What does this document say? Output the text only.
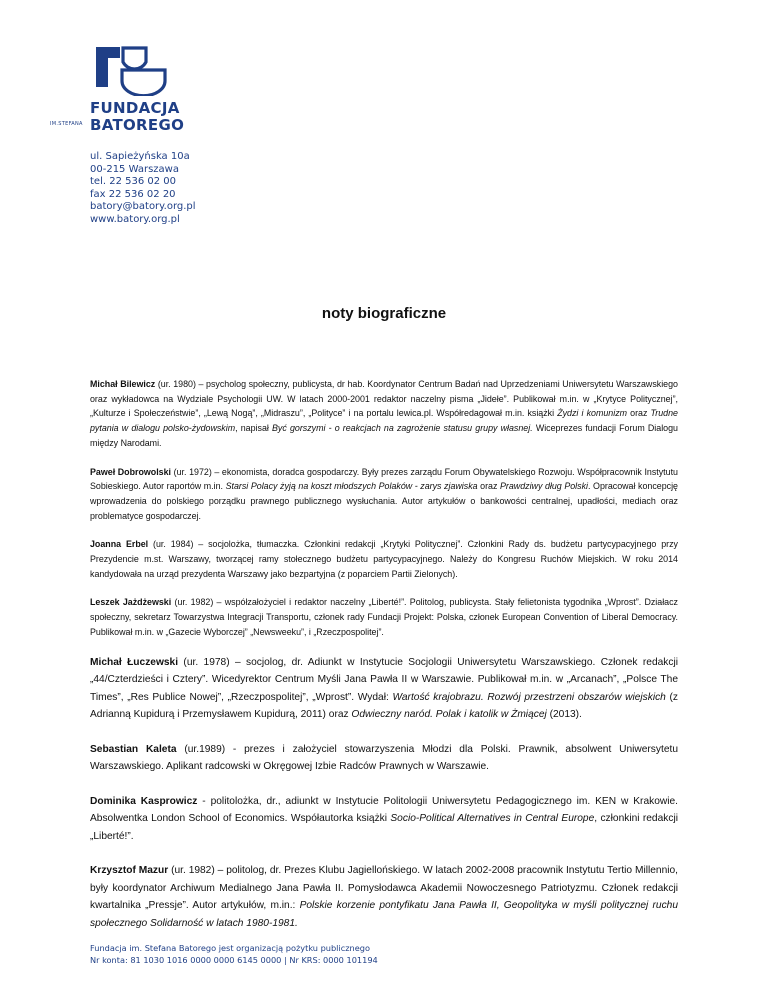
FUNDACJA
BATOREGO
IM.STEFANA
ul. Sapieżyńska 10a
00-215 Warszawa
tel. 22 536 02 00
fax 22 536 02 20
batory@batory.org.pl
www.batory.org.pl
noty biograficzne

Michał Bilewicz (ur. 1980) – psycholog społeczny, publicysta, dr hab. Koordynator Centrum Badań nad Uprzedzeniami Uniwersytetu Warszawskiego oraz wykładowca na Wydziale Psychologii UW. W latach 2000-2001 redaktor naczelny pisma „Jidełe”. Publikował m.in. w „Krytyce Politycznej”, „Kulturze i Społeczeństwie”, „Lewą Nogą”, „Midraszu”, „Polityce” i na portalu lewica.pl. Współredagował m.in. książki Żydzi i komunizm oraz Trudne pytania w dialogu polsko-żydowskim, napisał Być gorszymi - o reakcjach na zagrożenie statusu grupy własnej. Wiceprezes fundacji Forum Dialogu między Narodami.

Paweł Dobrowolski (ur. 1972) – ekonomista, doradca gospodarczy. Były prezes zarządu Forum Obywatelskiego Rozwoju. Współpracownik Instytutu Sobieskiego. Autor raportów m.in. Starsi Polacy żyją na koszt młodszych Polaków - zarys zjawiska oraz Prawdziwy dług Polski. Opracował koncepcję wprowadzenia do polskiego porządku prawnego publicznego wysłuchania. Autor artykułów o bankowości centralnej, upadłości, mediach oraz problematyce gospodarczej.

Joanna Erbel (ur. 1984) – socjolożka, tłumaczka. Członkini redakcji „Krytyki Politycznej”. Członkini Rady ds. budżetu partycypacyjnego przy Prezydencie m.st. Warszawy, tworzącej ramy stołecznego budżetu partycypacyjnego. Należy do Kongresu Ruchów Miejskich. W roku 2014 kandydowała na urząd prezydenta Warszawy jako bezpartyjna (z poparciem Partii Zielonych).

Leszek Jażdżewski (ur. 1982) – współzałożyciel i redaktor naczelny „Liberté!”. Politolog, publicysta. Stały felietonista tygodnika „Wprost”. Działacz społeczny, sekretarz Towarzystwa Integracji Transportu, członek rady Fundacji Projekt: Polska, członek European Convention of Liberal Democracy. Publikował m.in. w „Gazecie Wyborczej” „Newsweeku”, i „Rzeczpospolitej”.

Michał Łuczewski (ur. 1978) – socjolog, dr. Adiunkt w Instytucie Socjologii Uniwersytetu Warszawskiego. Członek redakcji „44/Czterdzieści i Cztery”. Wicedyrektor Centrum Myśli Jana Pawła II w Warszawie. Publikował m.in. w „Arcanach”, „Polsce The Times”, „Res Publice Nowej”, „Rzeczpospolitej”, „Wprost”. Wydał: Wartość krajobrazu. Rozwój przestrzeni obszarów wiejskich (z Adrianną Kupidurą i Przemysławem Kupidurą, 2011) oraz Odwieczny naród. Polak i katolik w Żmiącej (2013).

Sebastian Kaleta (ur.1989) - prezes i założyciel stowarzyszenia Młodzi dla Polski. Prawnik, absolwent Uniwersytetu Warszawskiego. Aplikant radcowski w Okręgowej Izbie Radców Prawnych w Warszawie.

Dominika Kasprowicz - politolożka, dr., adiunkt w Instytucie Politologii Uniwersytetu Pedagogicznego im. KEN w Krakowie. Absolwentka London School of Economics. Współautorka książki Socio-Political Alternatives in Central Europe, członkini redakcji „Liberté!”.

Krzysztof Mazur (ur. 1982) – politolog, dr. Prezes Klubu Jagiellońskiego. W latach 2002-2008 pracownik Instytutu Tertio Millennio, były koordynator Archiwum Medialnego Jana Pawła II. Pomysłodawca Akademii Nowoczesnego Patriotyzmu. Członek redakcji kwartalnika „Pressje”. Autor artykułów, m.in.: Polskie korzenie pontyfikatu Jana Pawła II, Geopolityka w myśli politycznej ruchu społecznego Solidarność w latach 1980-1981.

Fundacja im. Stefana Batorego jest organizacją pożytku publicznego
Nr konta: 81 1030 1016 0000 0000 6145 0000 | Nr KRS: 0000 101194
